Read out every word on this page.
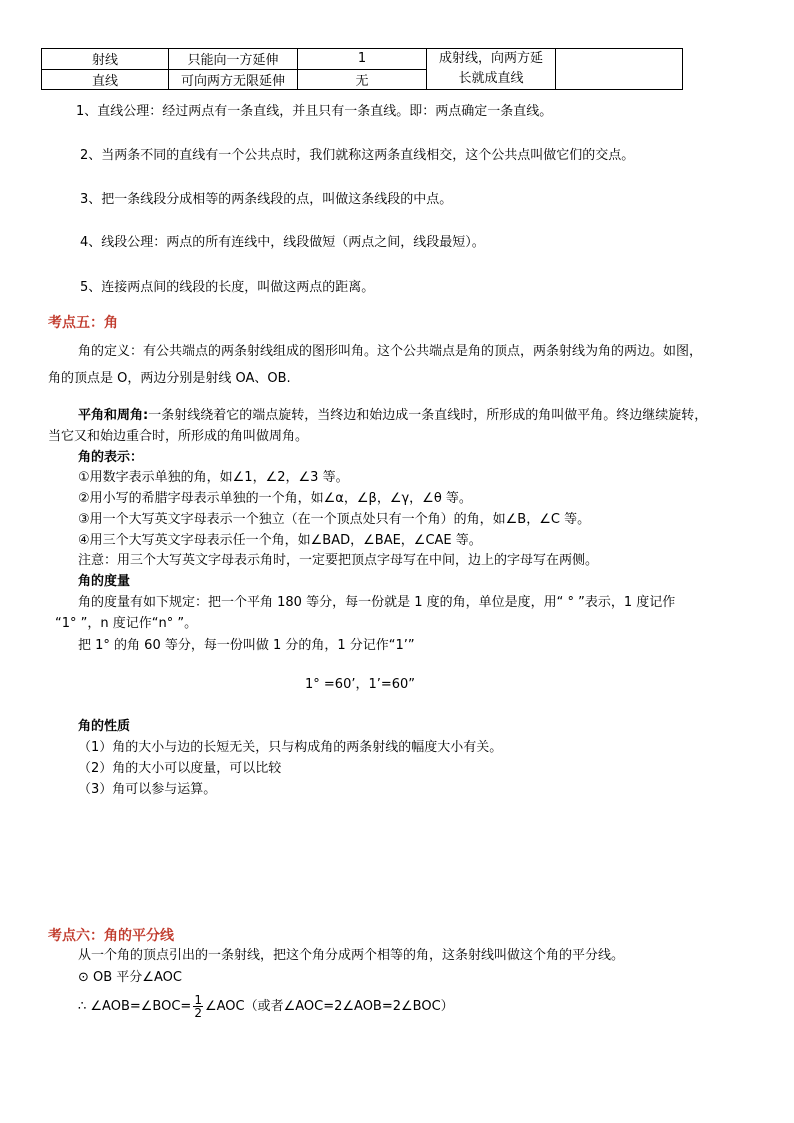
射线	只能向一方延伸	1	成射线，向两方延
长就成直线	

直线	可向两方无限延伸	无		
1、直线公理：经过两点有一条直线，并且只有一条直线。即：两点确定一条直线。
2、当两条不同的直线有一个公共点时，我们就称这两条直线相交，这个公共点叫做它们的交点。
3、把一条线段分成相等的两条线段的点，叫做这条线段的中点。
4、线段公理：两点的所有连线中，线段做短（两点之间，线段最短）。
5、连接两点间的线段的长度，叫做这两点的距离。
考点五：角
角的定义：有公共端点的两条射线组成的图形叫角。这个公共端点是角的顶点，两条射线为角的两边。如图，
角的顶点是 O，两边分别是射线 OA、OB.
平角和周角:一条射线绕着它的端点旋转，当终边和始边成一条直线时，所形成的角叫做平角。终边继续旋转，
当它又和始边重合时，所形成的角叫做周角。
角的表示：
①用数字表示单独的角，如∠1，∠2，∠3 等。
②用小写的希腊字母表示单独的一个角，如∠α，∠β，∠γ，∠θ 等。
③用一个大写英文字母表示一个独立（在一个顶点处只有一个角）的角，如∠B，∠C 等。
④用三个大写英文字母表示任一个角，如∠BAD，∠BAE，∠CAE 等。
注意：用三个大写英文字母表示角时，一定要把顶点字母写在中间，边上的字母写在两侧。
角的度量
角的度量有如下规定：把一个平角 180 等分，每一份就是 1 度的角，单位是度，用“ ° ”表示，1 度记作
“1° ”，n 度记作“n° ”。
把 1° 的角 60 等分，每一份叫做 1 分的角，1 分记作“1’”
1° =60’，1’=60”
角的性质
（1）角的大小与边的长短无关，只与构成角的两条射线的幅度大小有关。
（2）角的大小可以度量，可以比较
（3）角可以参与运算。
考点六：角的平分线
从一个角的顶点引出的一条射线，把这个角分成两个相等的角，这条射线叫做这个角的平分线。
⊙ OB 平分∠AOC
∴ ∠AOB=∠BOC= $\frac{1}{2}$ ∠AOC（或者∠AOC=2∠AOB=2∠BOC）
